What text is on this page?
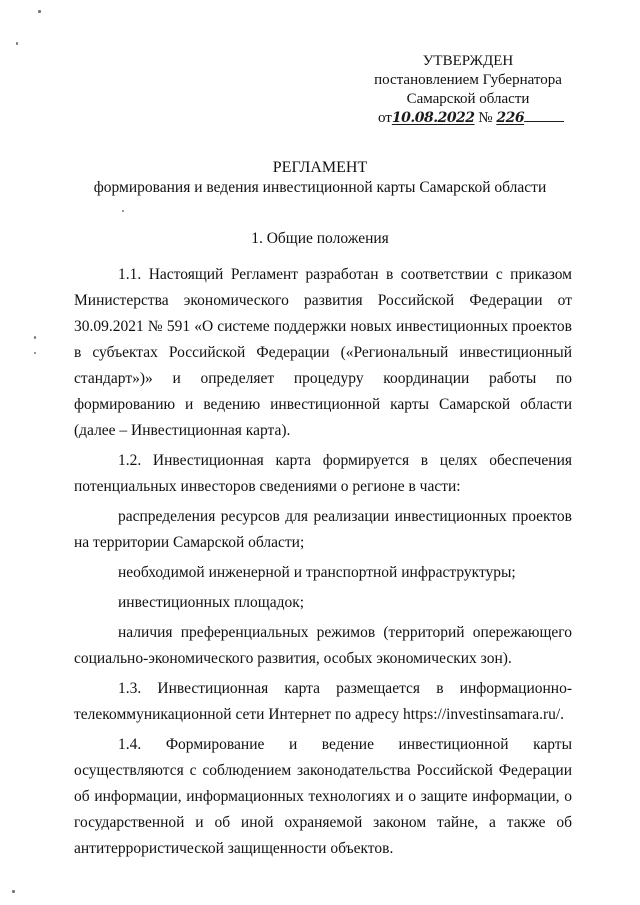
УТВЕРЖДЕН
постановлением Губернатора
Самарской области
от10.08.2022 № 226
РЕГЛАМЕНТ
формирования и ведения инвестиционной карты Самарской области
1. Общие положения

1.1. Настоящий Регламент разработан в соответствии с приказом Министерства экономического развития Российской Федерации от 30.09.2021 № 591 «О системе поддержки новых инвестиционных проектов в субъектах Российской Федерации («Региональный инвестиционный стандарт»)» и определяет процедуру координации работы по формированию и ведению инвестиционной карты Самарской области (далее – Инвестиционная карта).

1.2. Инвестиционная карта формируется в целях обеспечения потенциальных инвесторов сведениями о регионе в части:

распределения ресурсов для реализации инвестиционных проектов на территории Самарской области;

необходимой инженерной и транспортной инфраструктуры;

инвестиционных площадок;

наличия преференциальных режимов (территорий опережающего социально-экономического развития, особых экономических зон).

1.3. Инвестиционная карта размещается в информационно-телекоммуникационной сети Интернет по адресу https://investinsamara.ru/.

1.4. Формирование и ведение инвестиционной карты осуществляются с соблюдением законодательства Российской Федерации об информации, информационных технологиях и о защите информации, о государственной и об иной охраняемой законом тайне, а также об антитеррористической защищенности объектов.
